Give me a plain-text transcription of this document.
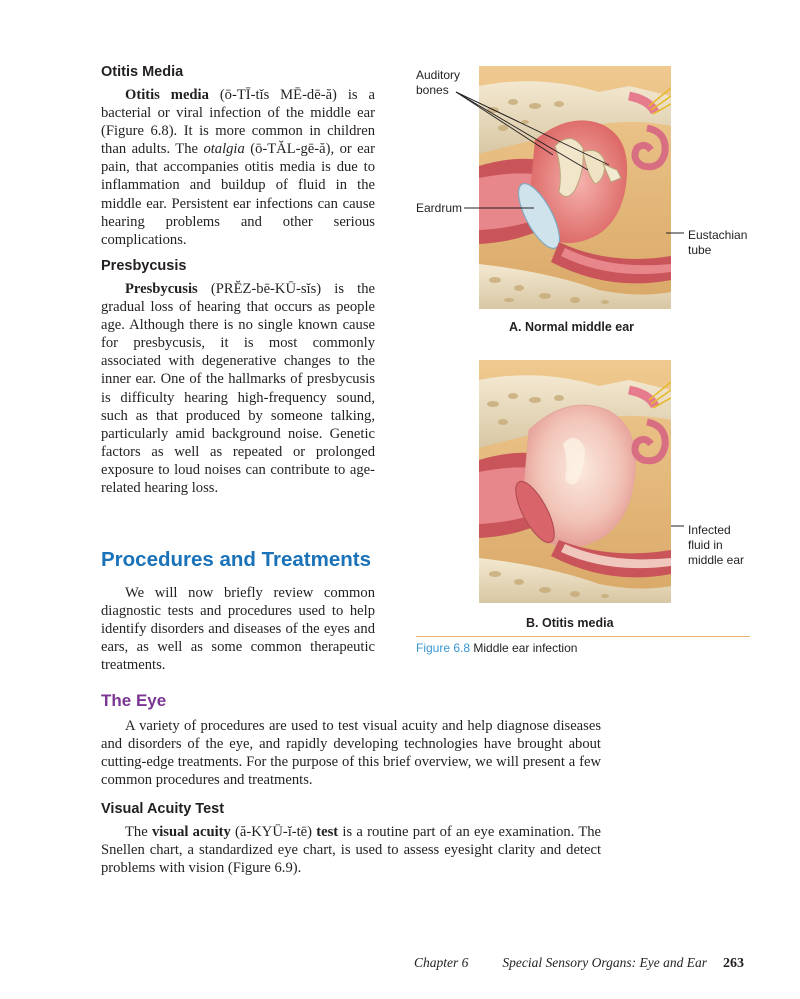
Otitis Media

Otitis media (ō-TĪ-tĭs MĒ-dē-ă) is a bacterial or viral infection of the middle ear (Figure 6.8). It is more common in children than adults. The otalgia (ō-TĂL-gē-ă), or ear pain, that accompanies otitis media is due to inflammation and buildup of fluid in the middle ear. Persistent ear infections can cause hearing problems and other serious complications.

Presbycusis

Presbycusis (PRĔZ-bē-KŪ-sĭs) is the gradual loss of hearing that occurs as people age. Although there is no single known cause for presbycusis, it is most commonly associated with degenerative changes to the inner ear. One of the hallmarks of presbycusis is difficulty hearing high-frequency sound, such as that produced by someone talking, particularly amid background noise. Genetic factors as well as repeated or prolonged exposure to loud noises can contribute to age-related hearing loss.

Procedures and Treatments

We will now briefly review common diagnostic tests and procedures used to help identify disorders and diseases of the eyes and ears, as well as some common therapeutic treatments.

The Eye

A variety of procedures are used to test visual acuity and help diagnose diseases and disorders of the eye, and rapidly developing technologies have brought about cutting-edge treatments. For the purpose of this brief overview, we will present a few common procedures and treatments.

Visual Acuity Test

The visual acuity (ă-KYŪ-ĭ-tē) test is a routine part of an eye examination. The Snellen chart, a standardized eye chart, is used to assess eyesight clarity and detect problems with vision (Figure 6.9).

Auditory
bones
Eardrum
Eustachian
tube
A. Normal middle ear
Infected
fluid in
middle ear
B. Otitis media
Figure 6.8 Middle ear infection
Chapter 6	Special Sensory Organs: Eye and Ear 263
